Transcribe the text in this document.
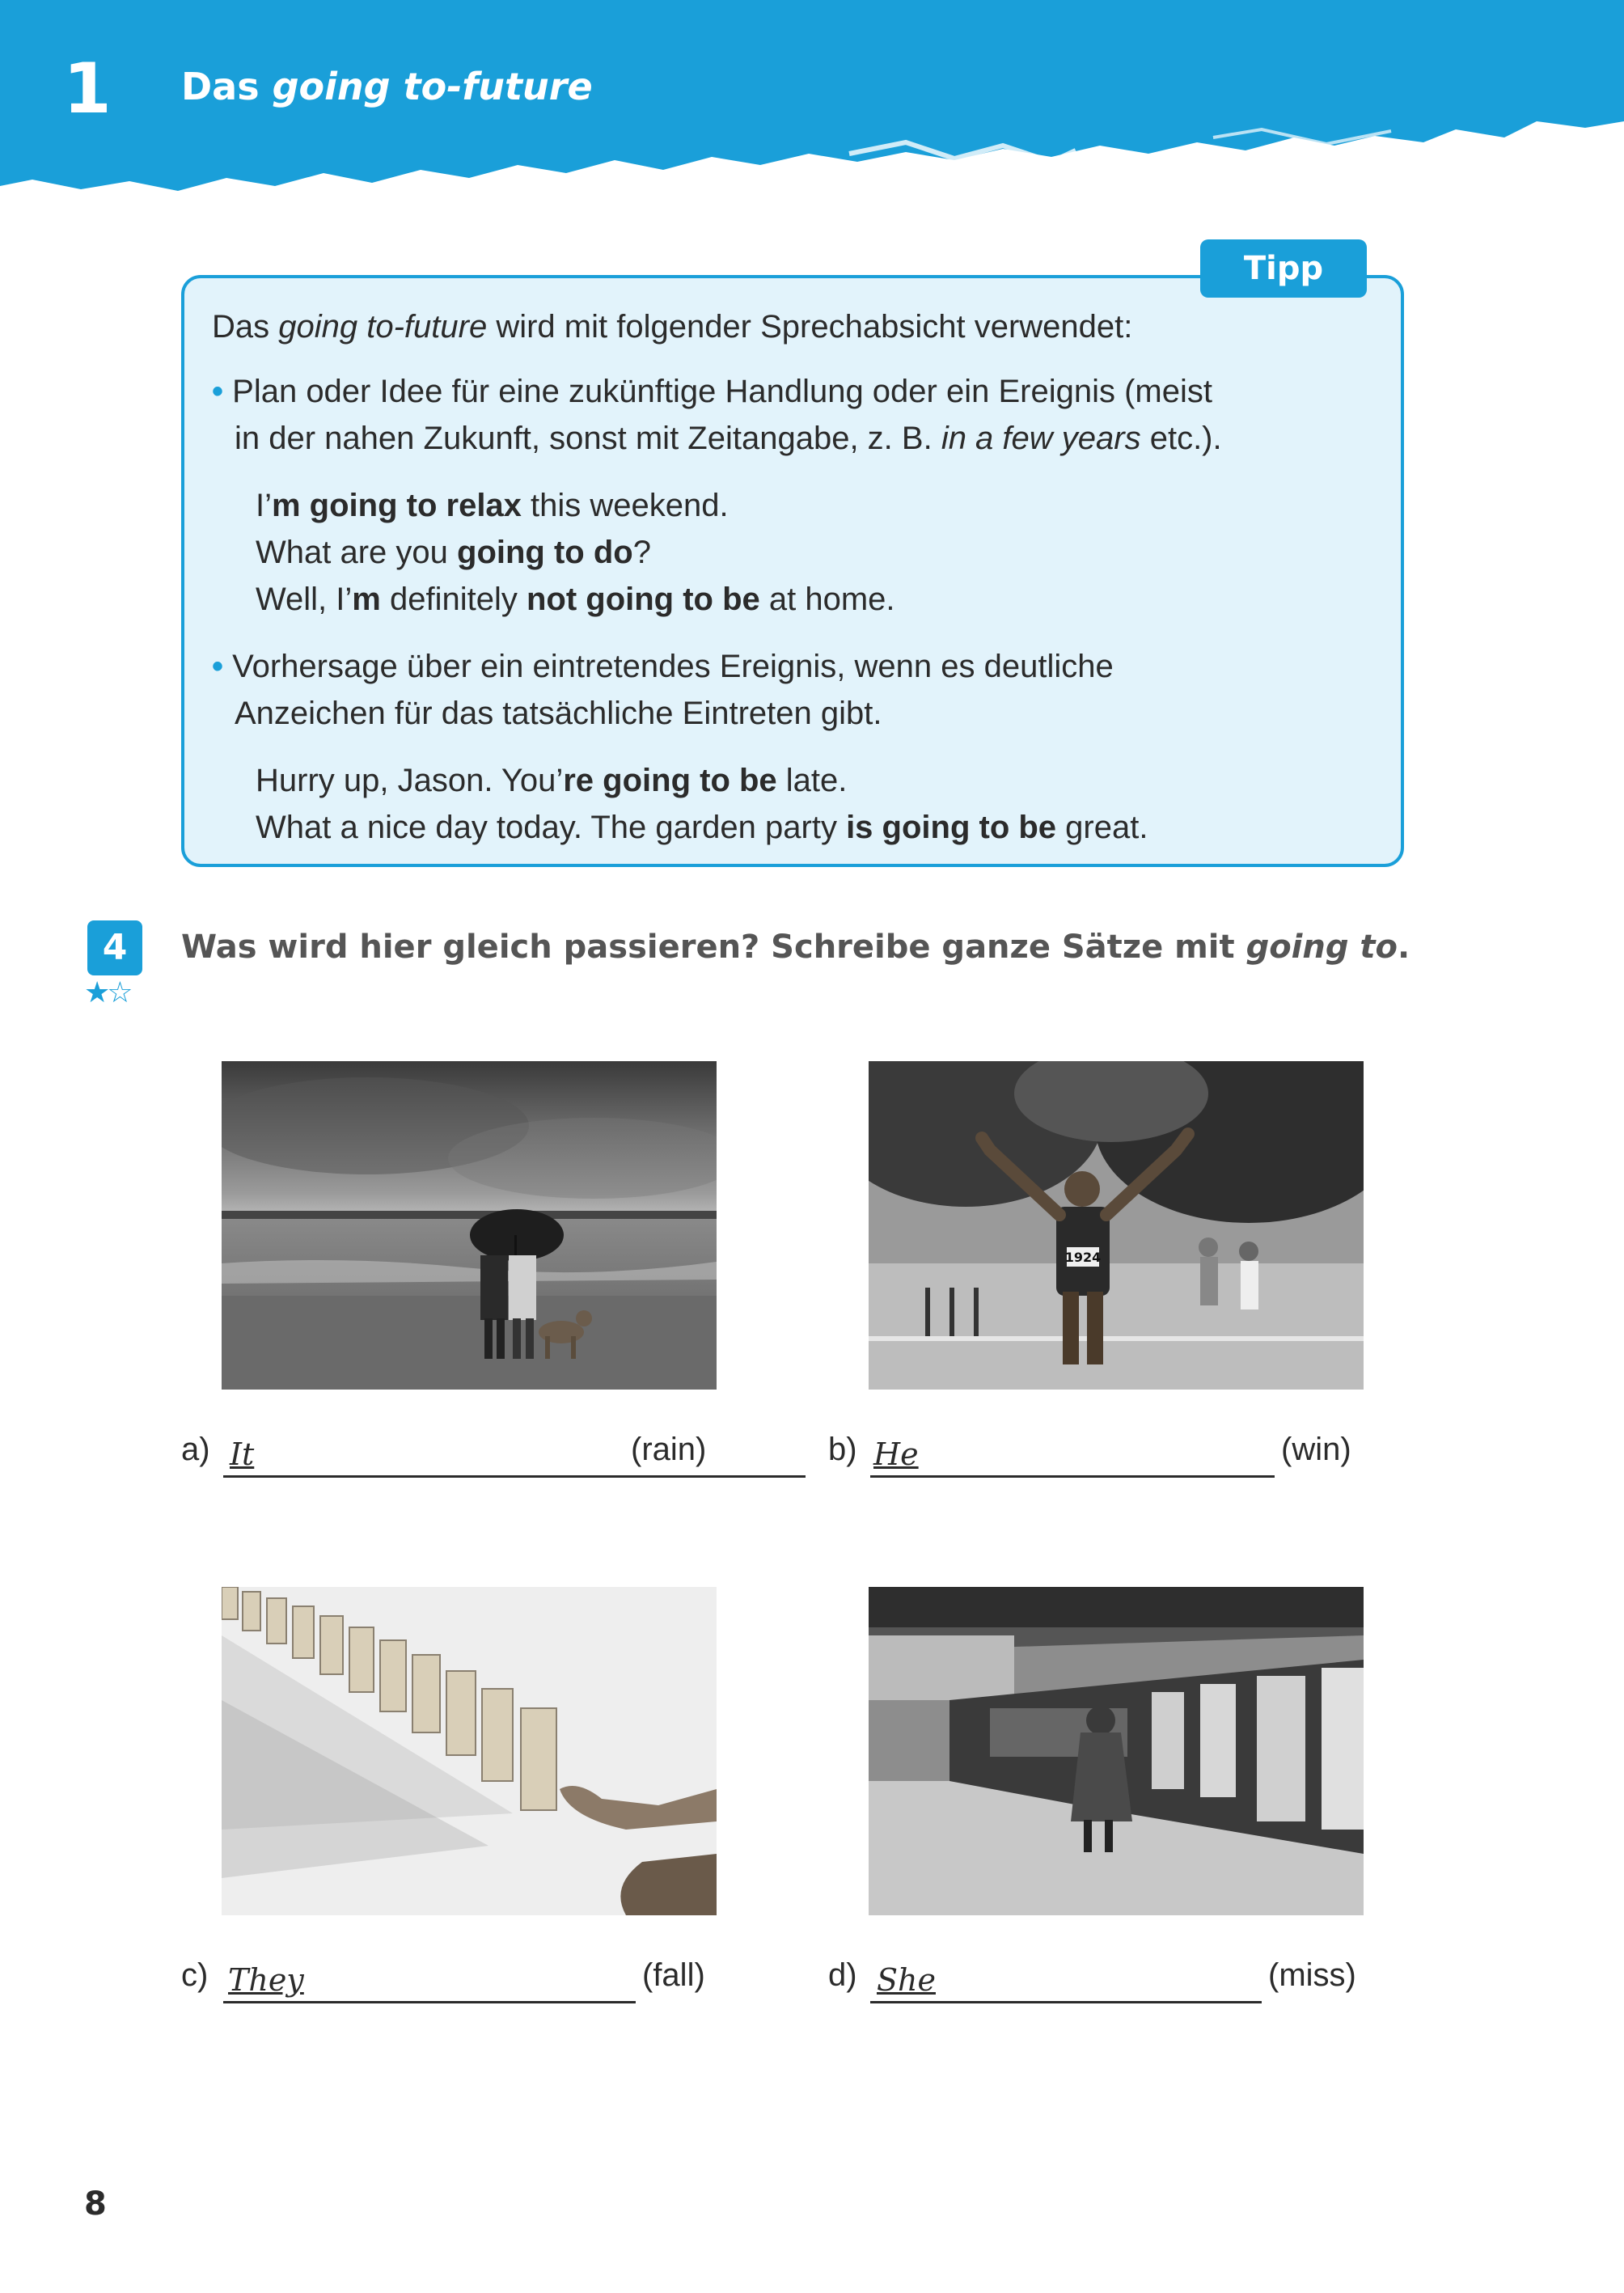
1 Das going to-future
Tipp
Das going to-future wird mit folgender Sprechabsicht verwendet:
• Plan oder Idee für eine zukünftige Handlung oder ein Ereignis (meist
in der nahen Zukunft, sonst mit Zeitangabe, z. B. in a few years etc.).
I’m going to relax this weekend.
What are you going to do?
Well, I’m definitely not going to be at home.
• Vorhersage über ein eintretendes Ereignis, wenn es deutliche
Anzeichen für das tatsächliche Eintreten gibt.
Hurry up, Jason. You’re going to be late.
What a nice day today. The garden party is going to be great.
4
★☆
Was wird hier gleich passieren? Schreibe ganze Sätze mit going to.
1924
a) It	(rain)	b) He	(win)
c) They	(fall)	d) She	(miss)
8
